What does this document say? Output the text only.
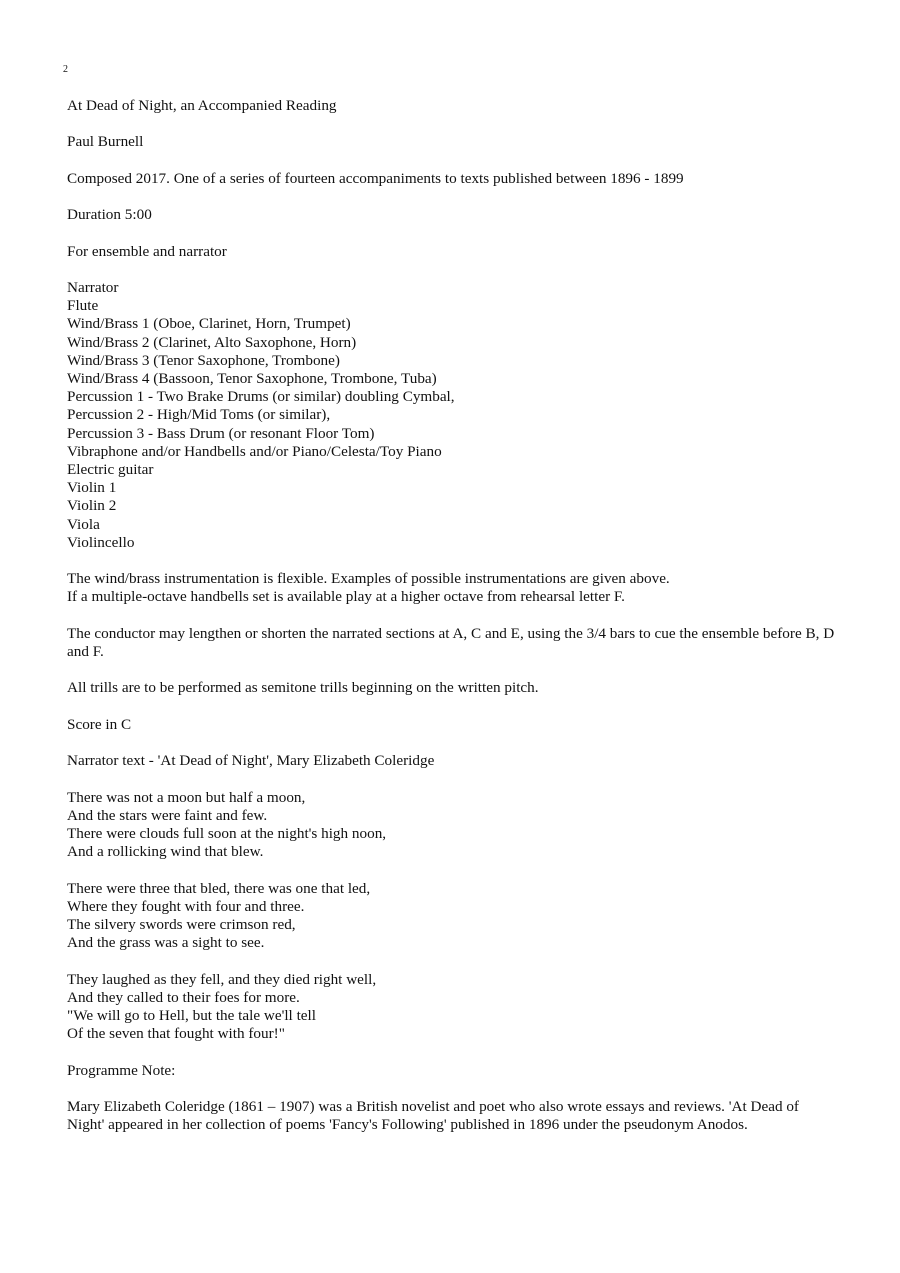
2

At Dead of Night, an Accompanied Reading

Paul Burnell

Composed 2017. One of a series of fourteen accompaniments to texts published between 1896 - 1899

Duration 5:00

For ensemble and narrator

Narrator
Flute
Wind/Brass 1 (Oboe, Clarinet, Horn, Trumpet)
Wind/Brass 2 (Clarinet, Alto Saxophone, Horn)
Wind/Brass 3 (Tenor Saxophone, Trombone)
Wind/Brass 4 (Bassoon, Tenor Saxophone, Trombone, Tuba)
Percussion 1 - Two Brake Drums (or similar) doubling Cymbal,
Percussion 2 - High/Mid Toms (or similar),
Percussion 3 - Bass Drum (or resonant Floor Tom)
Vibraphone and/or Handbells and/or Piano/Celesta/Toy Piano
Electric guitar
Violin 1
Violin 2
Viola
Violincello

The wind/brass instrumentation is flexible. Examples of possible instrumentations are given above.
If a multiple-octave handbells set is available play at a higher octave from rehearsal letter F.

The conductor may lengthen or shorten the narrated sections at A, C and E, using the 3/4 bars to cue the ensemble before B, D and F.

All trills are to be performed as semitone trills beginning on the written pitch.

Score in C

Narrator text - 'At Dead of Night', Mary Elizabeth Coleridge

There was not a moon but half a moon,
And the stars were faint and few.
There were clouds full soon at the night's high noon,
And a rollicking wind that blew.

There were three that bled, there was one that led,
Where they fought with four and three.
The silvery swords were crimson red,
And the grass was a sight to see.

They laughed as they fell, and they died right well,
And they called to their foes for more.
"We will go to Hell, but the tale we'll tell
Of the seven that fought with four!"

Programme Note:

Mary Elizabeth Coleridge (1861 – 1907) was a British novelist and poet who also wrote essays and reviews. 'At Dead of Night' appeared in her collection of poems 'Fancy's Following' published in 1896 under the pseudonym Anodos.
